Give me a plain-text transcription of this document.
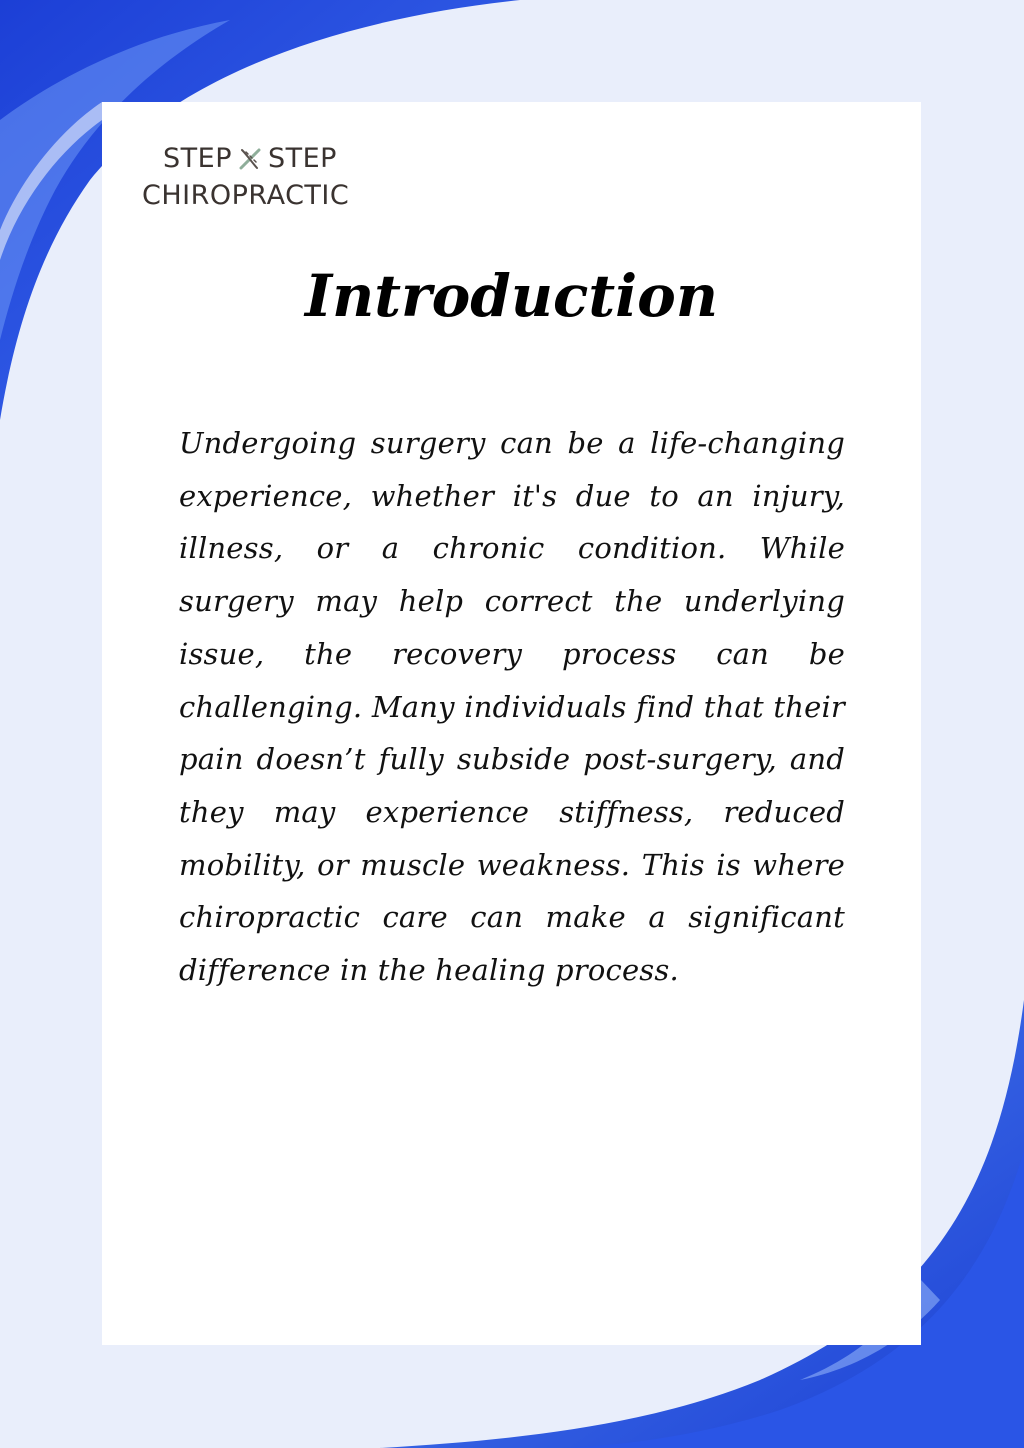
STEP STEP
CHIROPRACTIC
Introduction

Undergoing surgery can be a life-changing experience, whether it's due to an injury, illness, or a chronic condition. While surgery may help correct the underlying issue, the recovery process can be challenging. Many individuals find that their pain doesn’t fully subside post-surgery, and they may experience stiffness, reduced mobility, or muscle weakness. This is where chiropractic care can make a significant difference in the healing process.
